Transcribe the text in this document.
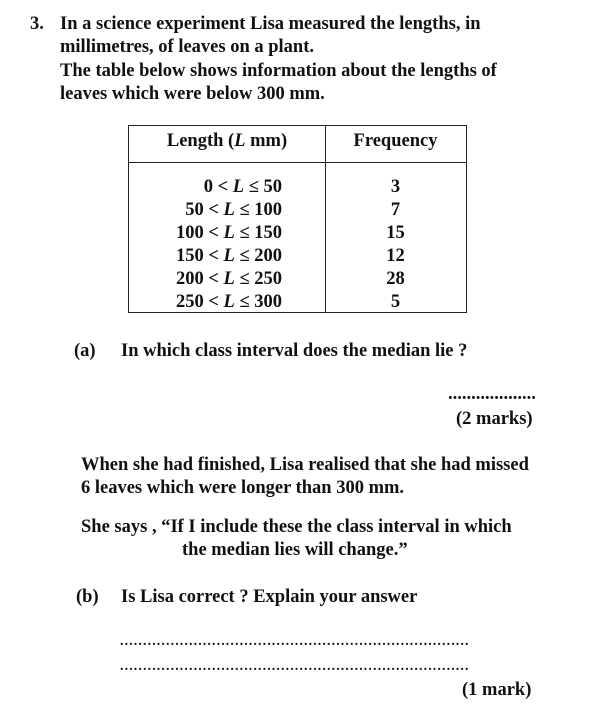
3. In a science experiment Lisa measured the lengths, in
millimetres, of leaves on a plant.
The table below shows information about the lengths of
leaves which were below 300 mm.
Length (L mm)	Frequency
0 < L ≤ 50	3
50 < L ≤ 100	7
100 < L ≤ 150	15
150 < L ≤ 200	12
200 < L ≤ 250	28
250 < L ≤ 300	5
(a) In which class interval does the median lie ?
...................
(2 marks)
When she had finished, Lisa realised that she had missed
6 leaves which were longer than 300 mm.
She says , “If I include these the class interval in which
the median lies will change.”
(b) Is Lisa correct ? Explain your answer
............................................................................
............................................................................
(1 mark)
